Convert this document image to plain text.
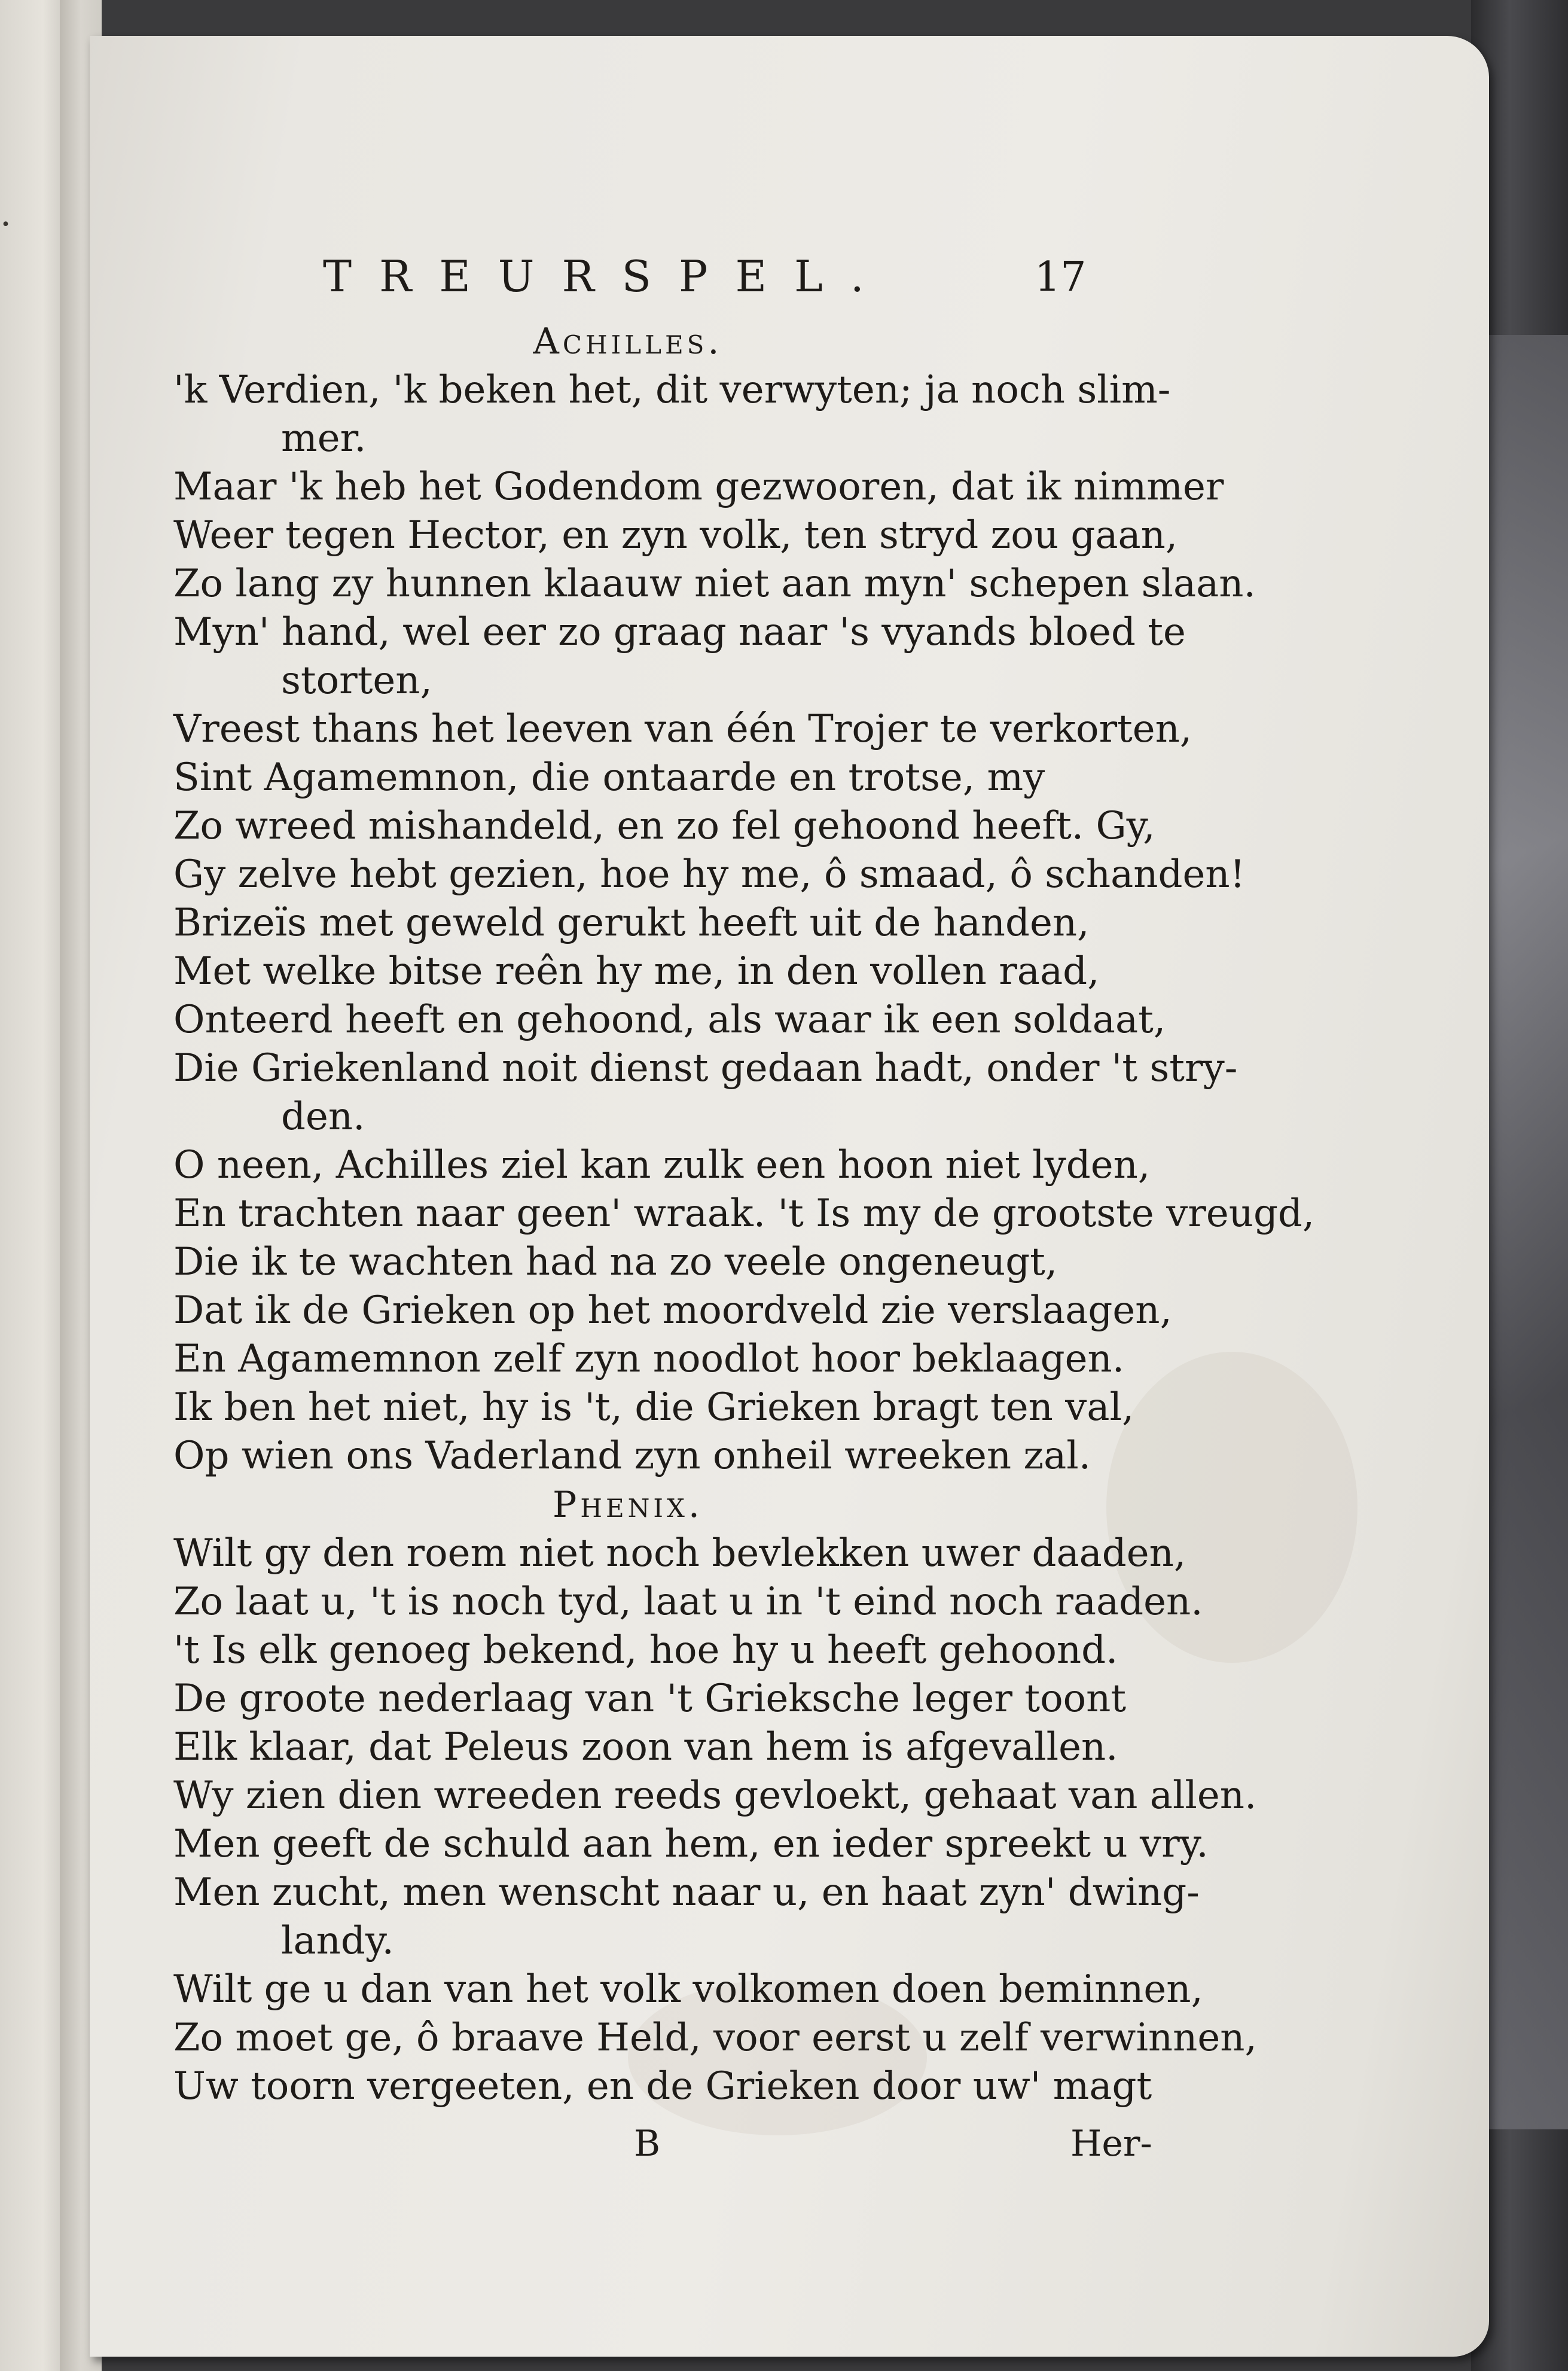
·
TREURSPEL.	17
Achilles.
'k Verdien, 'k beken het, dit verwyten; ja noch slim-
mer.
Maar 'k heb het Godendom gezwooren, dat ik nimmer
Weer tegen Hector, en zyn volk, ten stryd zou gaan,
Zo lang zy hunnen klaauw niet aan myn' schepen slaan.
Myn' hand, wel eer zo graag naar 's vyands bloed te
storten,
Vreest thans het leeven van één Trojer te verkorten,
Sint Agamemnon, die ontaarde en trotse, my
Zo wreed mishandeld, en zo fel gehoond heeft. Gy,
Gy zelve hebt gezien, hoe hy me, ô smaad, ô schanden!
Brizeïs met geweld gerukt heeft uit de handen,
Met welke bitse reên hy me, in den vollen raad,
Onteerd heeft en gehoond, als waar ik een soldaat,
Die Griekenland noit dienst gedaan hadt, onder 't stry-
den.
O neen, Achilles ziel kan zulk een hoon niet lyden,
En trachten naar geen' wraak. 't Is my de grootste vreugd,
Die ik te wachten had na zo veele ongeneugt,
Dat ik de Grieken op het moordveld zie verslaagen,
En Agamemnon zelf zyn noodlot hoor beklaagen.
Ik ben het niet, hy is 't, die Grieken bragt ten val,
Op wien ons Vaderland zyn onheil wreeken zal.
Phenix.
Wilt gy den roem niet noch bevlekken uwer daaden,
Zo laat u, 't is noch tyd, laat u in 't eind noch raaden.
't Is elk genoeg bekend, hoe hy u heeft gehoond.
De groote nederlaag van 't Grieksche leger toont
Elk klaar, dat Peleus zoon van hem is afgevallen.
Wy zien dien wreeden reeds gevloekt, gehaat van allen.
Men geeft de schuld aan hem, en ieder spreekt u vry.
Men zucht, men wenscht naar u, en haat zyn' dwing-
landy.
Wilt ge u dan van het volk volkomen doen beminnen,
Zo moet ge, ô braave Held, voor eerst u zelf verwinnen,
Uw toorn vergeeten, en de Grieken door uw' magt
B	Her-
